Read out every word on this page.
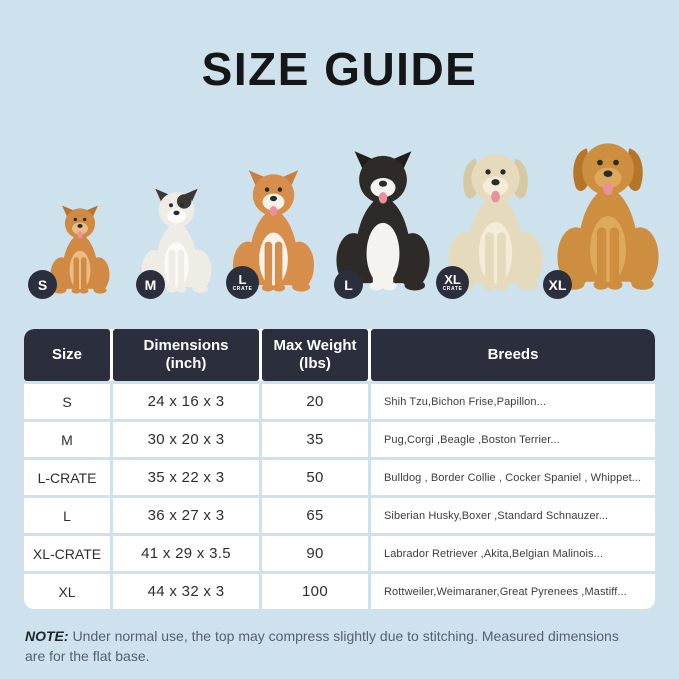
SIZE GUIDE
S	M	L
CRATE	L	XL
CRATE	XL
Size
Dimensions
(inch)
Max Weight
(lbs)
Breeds
S	24 x 16 x 3	20	Shih Tzu,Bichon Frise,Papillon...
M	30 x 20 x 3	35	Pug,Corgi ,Beagle ,Boston Terrier...
L-CRATE	35 x 22 x 3	50	Bulldog , Border Collie , Cocker Spaniel , Whippet...
L	36 x 27 x 3	65	Siberian Husky,Boxer ,Standard Schnauzer...
XL-CRATE	41 x 29 x 3.5	90	Labrador Retriever ,Akita,Belgian Malinois...
XL	44 x 32 x 3	100	Rottweiler,Weimaraner,Great Pyrenees ,Mastiff...

NOTE: Under normal use, the top may compress slightly due to stitching. Measured dimensions are for the flat base.
